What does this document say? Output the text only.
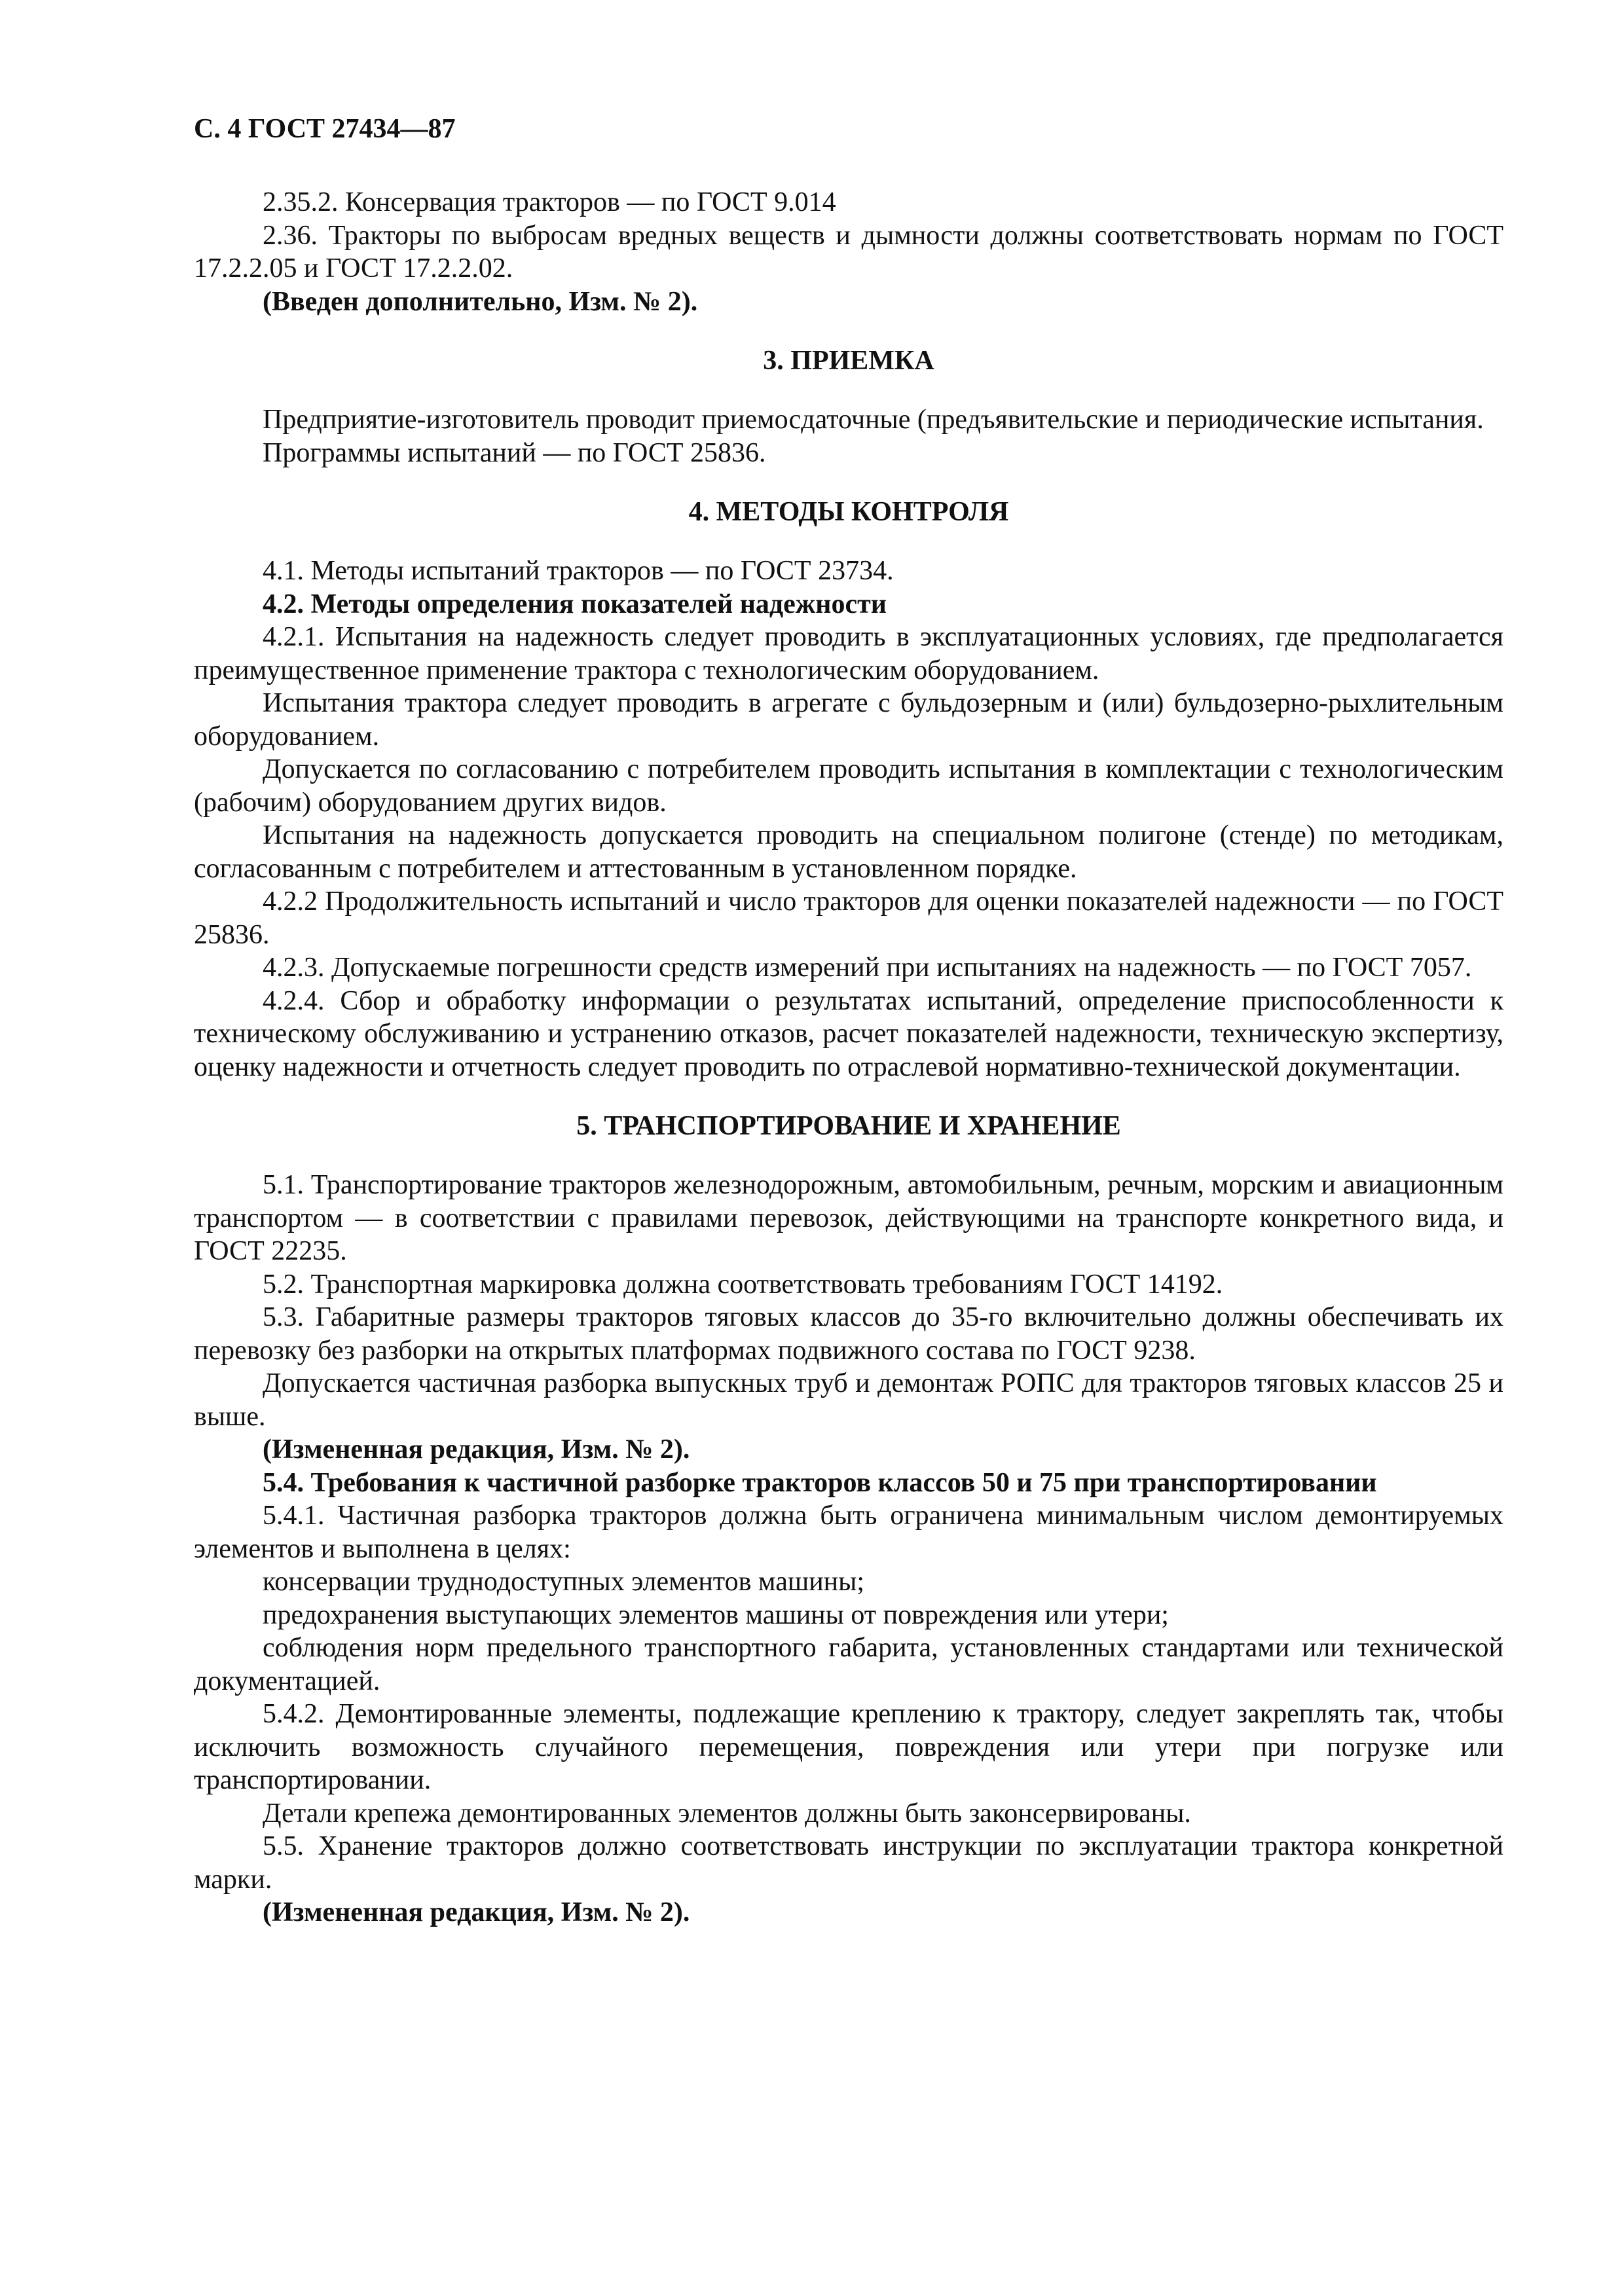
С. 4 ГОСТ 27434—87

2.35.2. Консервация тракторов — по ГОСТ 9.014

2.36. Тракторы по выбросам вредных веществ и дымности должны соответствовать нормам по ГОСТ 17.2.2.05 и ГОСТ 17.2.2.02.

(Введен дополнительно, Изм. № 2).

3. ПРИЕМКА

Предприятие-изготовитель проводит приемосдаточные (предъявительские и периодические испытания.

Программы испытаний — по ГОСТ 25836.

4. МЕТОДЫ КОНТРОЛЯ

4.1. Методы испытаний тракторов — по ГОСТ 23734.

4.2. Методы определения показателей надежности

4.2.1. Испытания на надежность следует проводить в эксплуатационных условиях, где предполагается преимущественное применение трактора с технологическим оборудованием.

Испытания трактора следует проводить в агрегате с бульдозерным и (или) бульдозерно-рыхлительным оборудованием.

Допускается по согласованию с потребителем проводить испытания в комплектации с технологическим (рабочим) оборудованием других видов.

Испытания на надежность допускается проводить на специальном полигоне (стенде) по методикам, согласованным с потребителем и аттестованным в установленном порядке.

4.2.2 Продолжительность испытаний и число тракторов для оценки показателей надежности — по ГОСТ 25836.

4.2.3. Допускаемые погрешности средств измерений при испытаниях на надежность — по ГОСТ 7057.

4.2.4. Сбор и обработку информации о результатах испытаний, определение приспособленности к техническому обслуживанию и устранению отказов, расчет показателей надежности, техническую экспертизу, оценку надежности и отчетность следует проводить по отраслевой нормативно-технической документации.

5. ТРАНСПОРТИРОВАНИЕ И ХРАНЕНИЕ

5.1. Транспортирование тракторов железнодорожным, автомобильным, речным, морским и авиационным транспортом — в соответствии с правилами перевозок, действующими на транспорте конкретного вида, и ГОСТ 22235.

5.2. Транспортная маркировка должна соответствовать требованиям ГОСТ 14192.

5.3. Габаритные размеры тракторов тяговых классов до 35-го включительно должны обеспечивать их перевозку без разборки на открытых платформах подвижного состава по ГОСТ 9238.

Допускается частичная разборка выпускных труб и демонтаж РОПС для тракторов тяговых классов 25 и выше.

(Измененная редакция, Изм. № 2).

5.4. Требования к частичной разборке тракторов классов 50 и 75 при транспортировании

5.4.1. Частичная разборка тракторов должна быть ограничена минимальным числом демонтируемых элементов и выполнена в целях:

консервации труднодоступных элементов машины;

предохранения выступающих элементов машины от повреждения или утери;

соблюдения норм предельного транспортного габарита, установленных стандартами или технической документацией.

5.4.2. Демонтированные элементы, подлежащие креплению к трактору, следует закреплять так, чтобы исключить возможность случайного перемещения, повреждения или утери при погрузке или транспортировании.

Детали крепежа демонтированных элементов должны быть законсервированы.

5.5. Хранение тракторов должно соответствовать инструкции по эксплуатации трактора конкретной марки.

(Измененная редакция, Изм. № 2).
